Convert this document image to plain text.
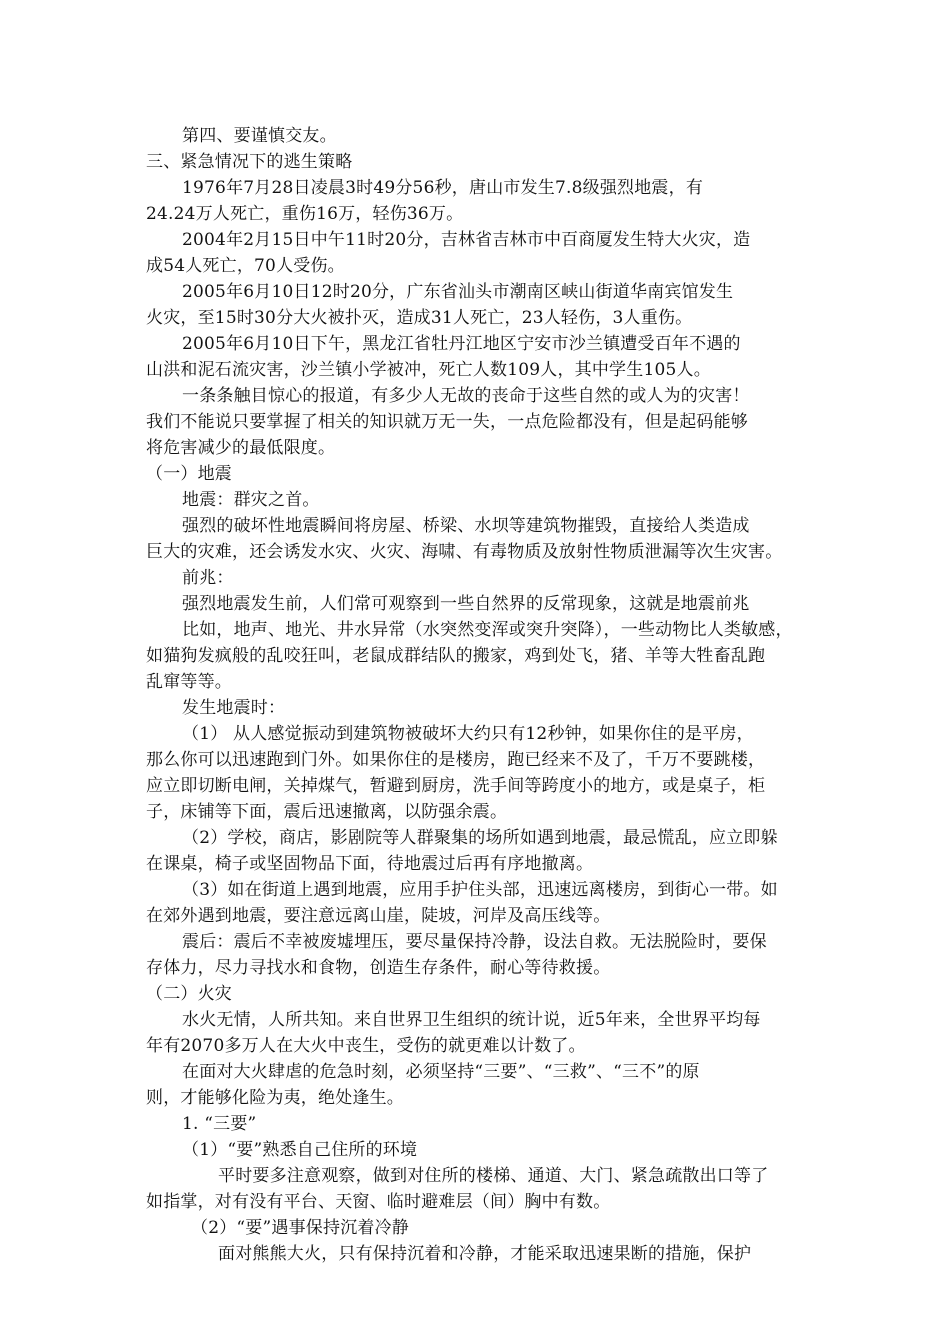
第四、要谨慎交友。
三、紧急情况下的逃生策略
1976年7月28日凌晨3时49分56秒，唐山市发生7.8级强烈地震，有
24.24万人死亡，重伤16万，轻伤36万。
2004年2月15日中午11时20分，吉林省吉林市中百商厦发生特大火灾，造
成54人死亡，70人受伤。
2005年6月10日12时20分，广东省汕头市潮南区峡山街道华南宾馆发生
火灾，至15时30分大火被扑灭，造成31人死亡，23人轻伤，3人重伤。
2005年6月10日下午，黑龙江省牡丹江地区宁安市沙兰镇遭受百年不遇的
山洪和泥石流灾害，沙兰镇小学被冲，死亡人数109人，其中学生105人。
一条条触目惊心的报道，有多少人无故的丧命于这些自然的或人为的灾害！
我们不能说只要掌握了相关的知识就万无一失，一点危险都没有，但是起码能够
将危害减少的最低限度。
（一）地震
地震：群灾之首。
强烈的破坏性地震瞬间将房屋、桥梁、水坝等建筑物摧毁，直接给人类造成
巨大的灾难，还会诱发水灾、火灾、海啸、有毒物质及放射性物质泄漏等次生灾害。
前兆：
强烈地震发生前，人们常可观察到一些自然界的反常现象，这就是地震前兆
比如，地声、地光、井水异常（水突然变浑或突升突降），一些动物比人类敏感，
如猫狗发疯般的乱咬狂叫，老鼠成群结队的搬家，鸡到处飞，猪、羊等大牲畜乱跑
乱窜等等。
发生地震时：
（1） 从人感觉振动到建筑物被破坏大约只有12秒钟，如果你住的是平房，
那么你可以迅速跑到门外。如果你住的是楼房，跑已经来不及了，千万不要跳楼，
应立即切断电闸，关掉煤气，暂避到厨房，洗手间等跨度小的地方，或是桌子，柜
子，床铺等下面，震后迅速撤离，以防强余震。
（2）学校，商店，影剧院等人群聚集的场所如遇到地震，最忌慌乱，应立即躲
在课桌，椅子或坚固物品下面，待地震过后再有序地撤离。
（3）如在街道上遇到地震，应用手护住头部，迅速远离楼房，到街心一带。如
在郊外遇到地震，要注意远离山崖，陡坡，河岸及高压线等。
震后：震后不幸被废墟埋压，要尽量保持冷静，设法自救。无法脱险时，要保
存体力，尽力寻找水和食物，创造生存条件，耐心等待救援。
（二）火灾
水火无情，人所共知。来自世界卫生组织的统计说，近5年来，全世界平均每
年有2070多万人在大火中丧生，受伤的就更难以计数了。
在面对大火肆虐的危急时刻，必须坚持“三要”、“三救”、“三不”的原
则，才能够化险为夷，绝处逢生。
1. “三要”
（1）“要”熟悉自己住所的环境
平时要多注意观察，做到对住所的楼梯、通道、大门、紧急疏散出口等了
如指掌，对有没有平台、天窗、临时避难层（间）胸中有数。
（2）“要”遇事保持沉着冷静
面对熊熊大火，只有保持沉着和冷静，才能采取迅速果断的措施，保护
